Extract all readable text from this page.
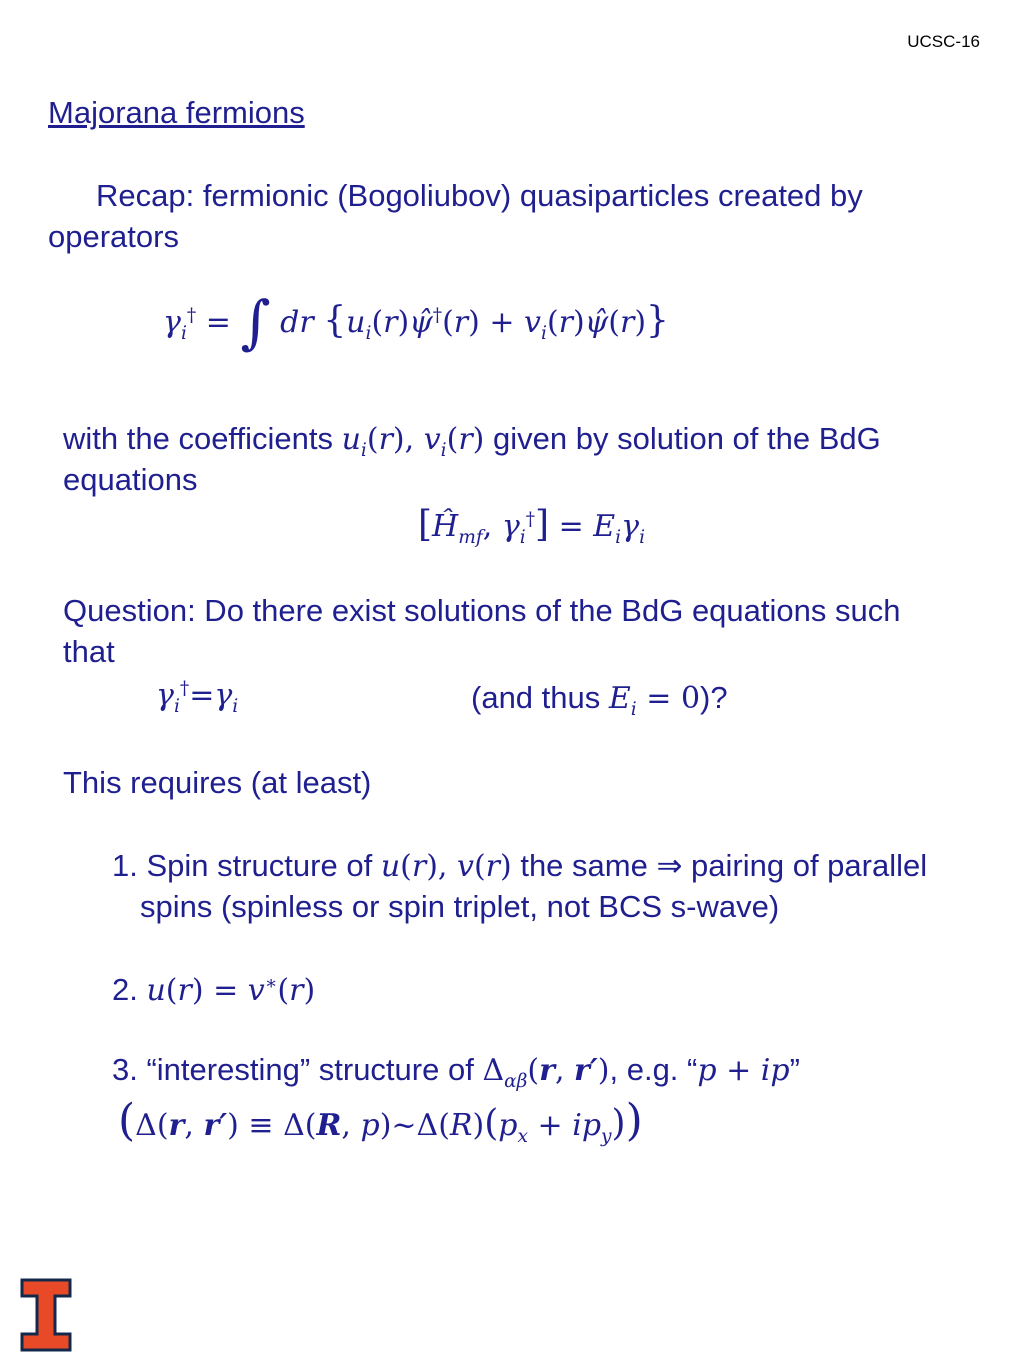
UCSC-16
Majorana fermions
Recap: fermionic (Bogoliubov) quasiparticles created by
operators
$\gamma_i^\dagger$ = ∫ dr {$u_i(r)\psî^\dagger(r)$ + $v_i(r)\psî(r)$}
with the coefficients $u_i(r)$, $v_i(r)$ given by solution of the BdG
equations
[$Ĥ_{mf}$, $\gamma_i^\dagger] = E_i\gamma_i$
Question: Do there exist solutions of the BdG equations such
that
$\gamma_i^\dagger=\gamma_i$	(and thus $E_i = 0$)?
This requires (at least)
1. Spin structure of u(r), v(r) the same ⇒ pairing of parallel
spins (spinless or spin triplet, not BCS s-wave)
2. u(r) = v∗(r)
3. “interesting” structure of $\Delta_{\alpha\beta}(r$, r′), e.g. “p + ip”
(Δ(r, r′) ≡ Δ(R, $p)\sim\Delta(R)(p_x + ip_y)$)
